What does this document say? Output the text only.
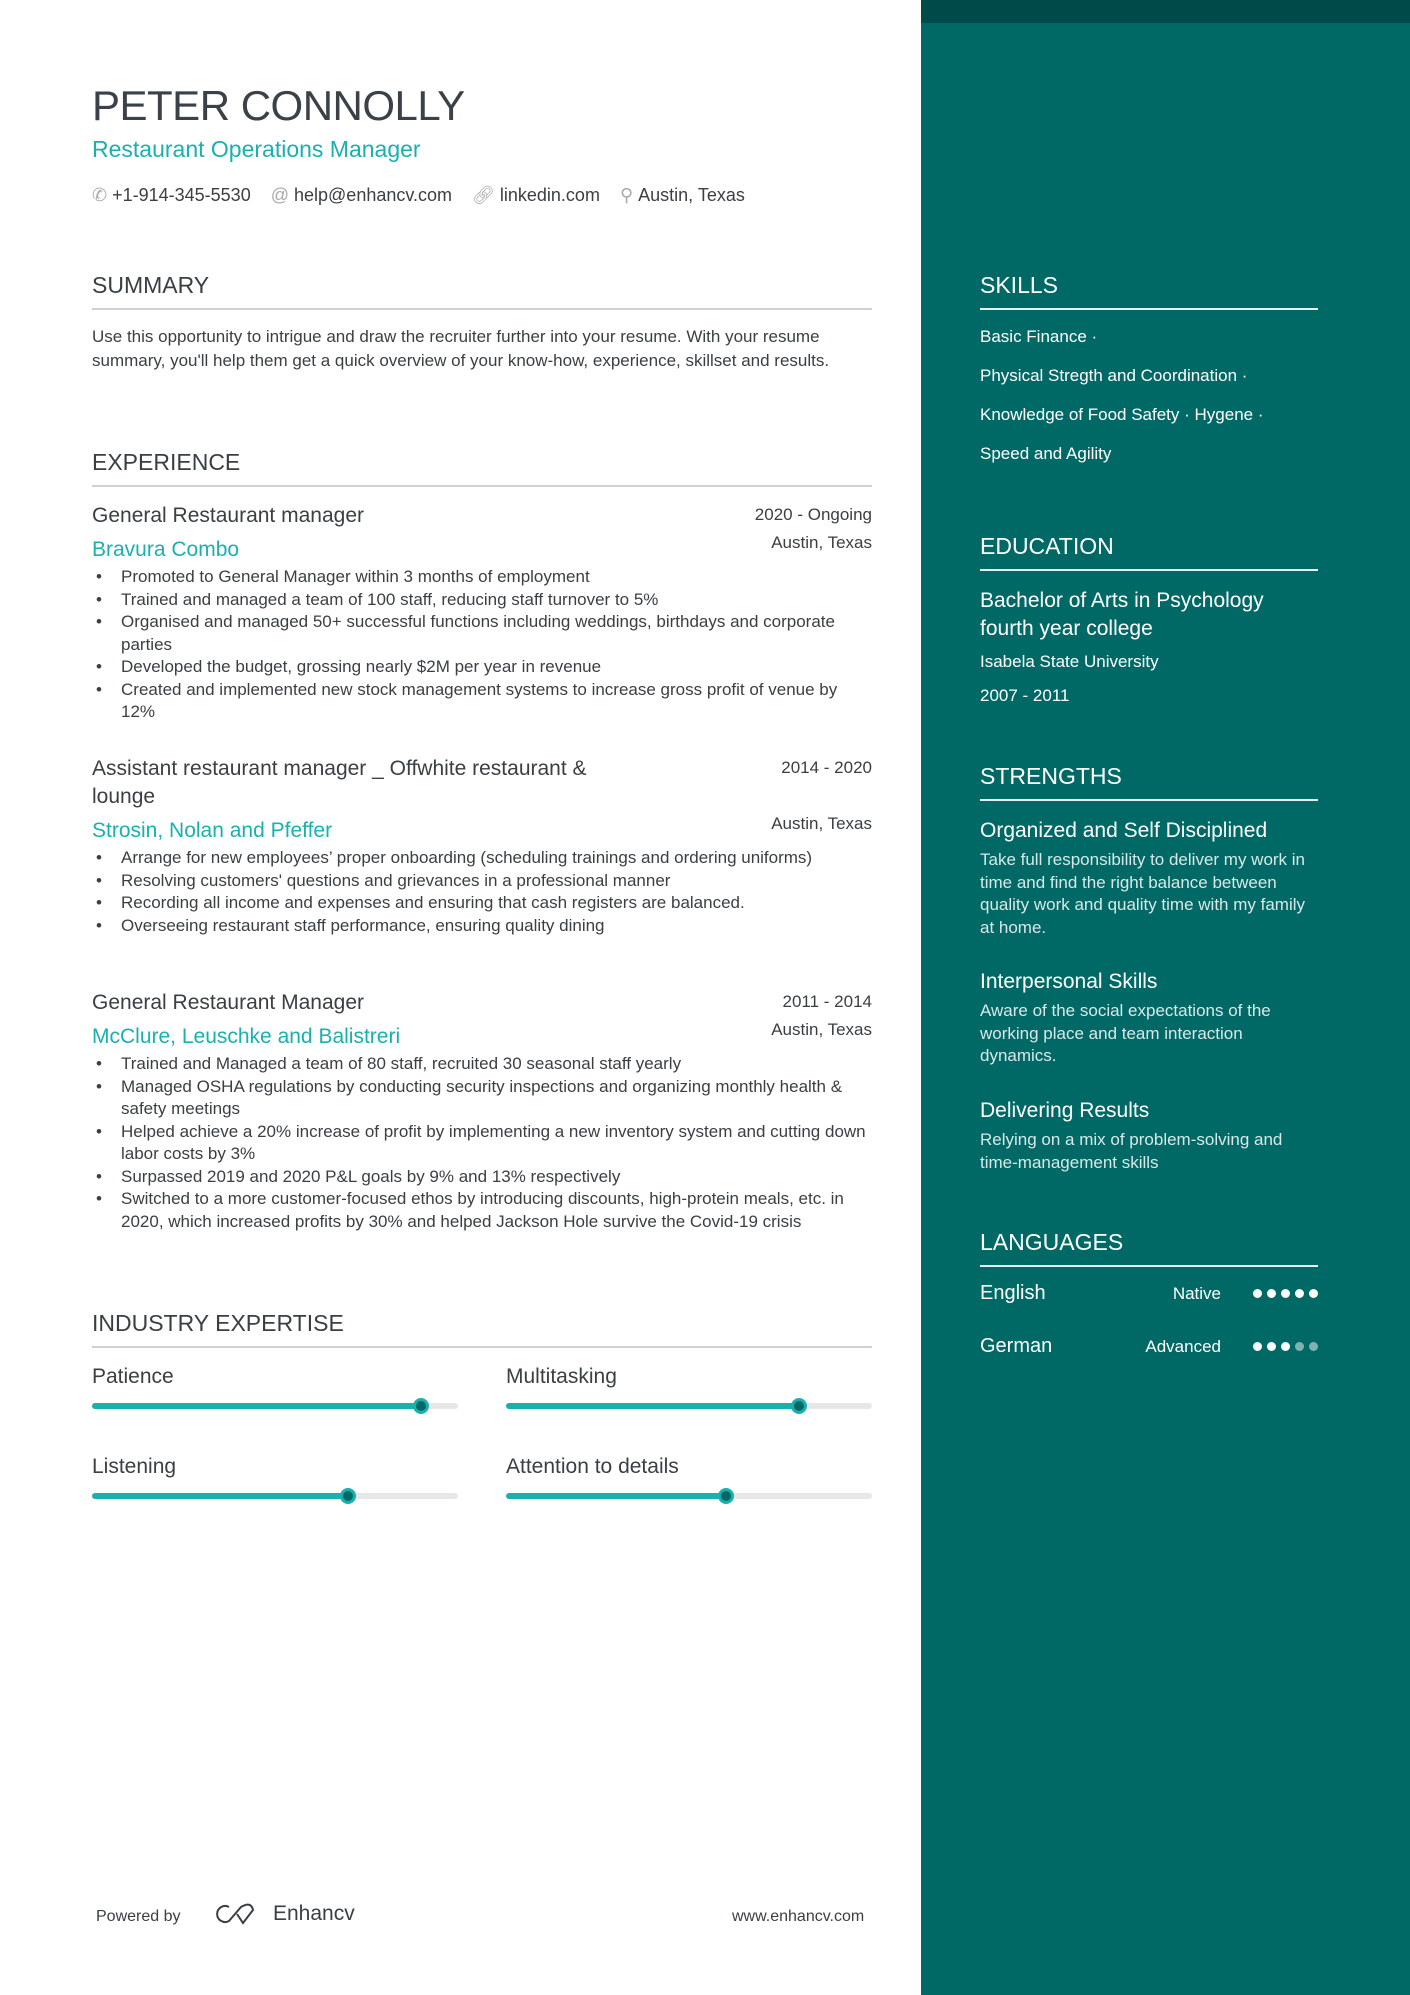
PETER CONNOLLY
Restaurant Operations Manager
✆ +1-914-345-5530 @ help@enhancv.com 🔗︎ linkedin.com ⚲ Austin, Texas
SUMMARY
Use this opportunity to intrigue and draw the recruiter further into your resume. With your resume summary, you'll help them get a quick overview of your know-how, experience, skillset and results.
EXPERIENCE
General Restaurant manager	2020 - Ongoing
Bravura Combo	Austin, Texas
• Promoted to General Manager within 3 months of employment
• Trained and managed a team of 100 staff, reducing staff turnover to 5%
• Organised and managed 50+ successful functions including weddings, birthdays and corporate parties
• Developed the budget, grossing nearly $2M per year in revenue
• Created and implemented new stock management systems to increase gross profit of venue by 12%
Assistant restaurant manager _ Offwhite restaurant & lounge
2014 - 2020
Strosin, Nolan and Pfeffer	Austin, Texas
• Arrange for new employees’ proper onboarding (scheduling trainings and ordering uniforms)
• Resolving customers' questions and grievances in a professional manner
• Recording all income and expenses and ensuring that cash registers are balanced.
• Overseeing restaurant staff performance, ensuring quality dining
General Restaurant Manager	2011 - 2014
McClure, Leuschke and Balistreri	Austin, Texas
• Trained and Managed a team of 80 staff, recruited 30 seasonal staff yearly
• Managed OSHA regulations by conducting security inspections and organizing monthly health & safety meetings
• Helped achieve a 20% increase of profit by implementing a new inventory system and cutting down labor costs by 3%
• Surpassed 2019 and 2020 P&L goals by 9% and 13% respectively
• Switched to a more customer-focused ethos by introducing discounts, high-protein meals, etc. in 2020, which increased profits by 30% and helped Jackson Hole survive the Covid-19 crisis
INDUSTRY EXPERTISE
Patience	Multitasking
Listening	Attention to details
Powered by	Enhancv	www.enhancv.com
SKILLS
Basic Finance ·
Physical Stregth and Coordination ·
Knowledge of Food Safety · Hygene ·
Speed and Agility
EDUCATION
Bachelor of Arts in Psychology fourth year college
Isabela State University
2007 - 2011
STRENGTHS
Organized and Self Disciplined
Take full responsibility to deliver my work in time and find the right balance between quality work and quality time with my family at home.
Interpersonal Skills
Aware of the social expectations of the working place and team interaction dynamics.
Delivering Results
Relying on a mix of problem-solving and time-management skills
LANGUAGES
English	Native
German	Advanced
